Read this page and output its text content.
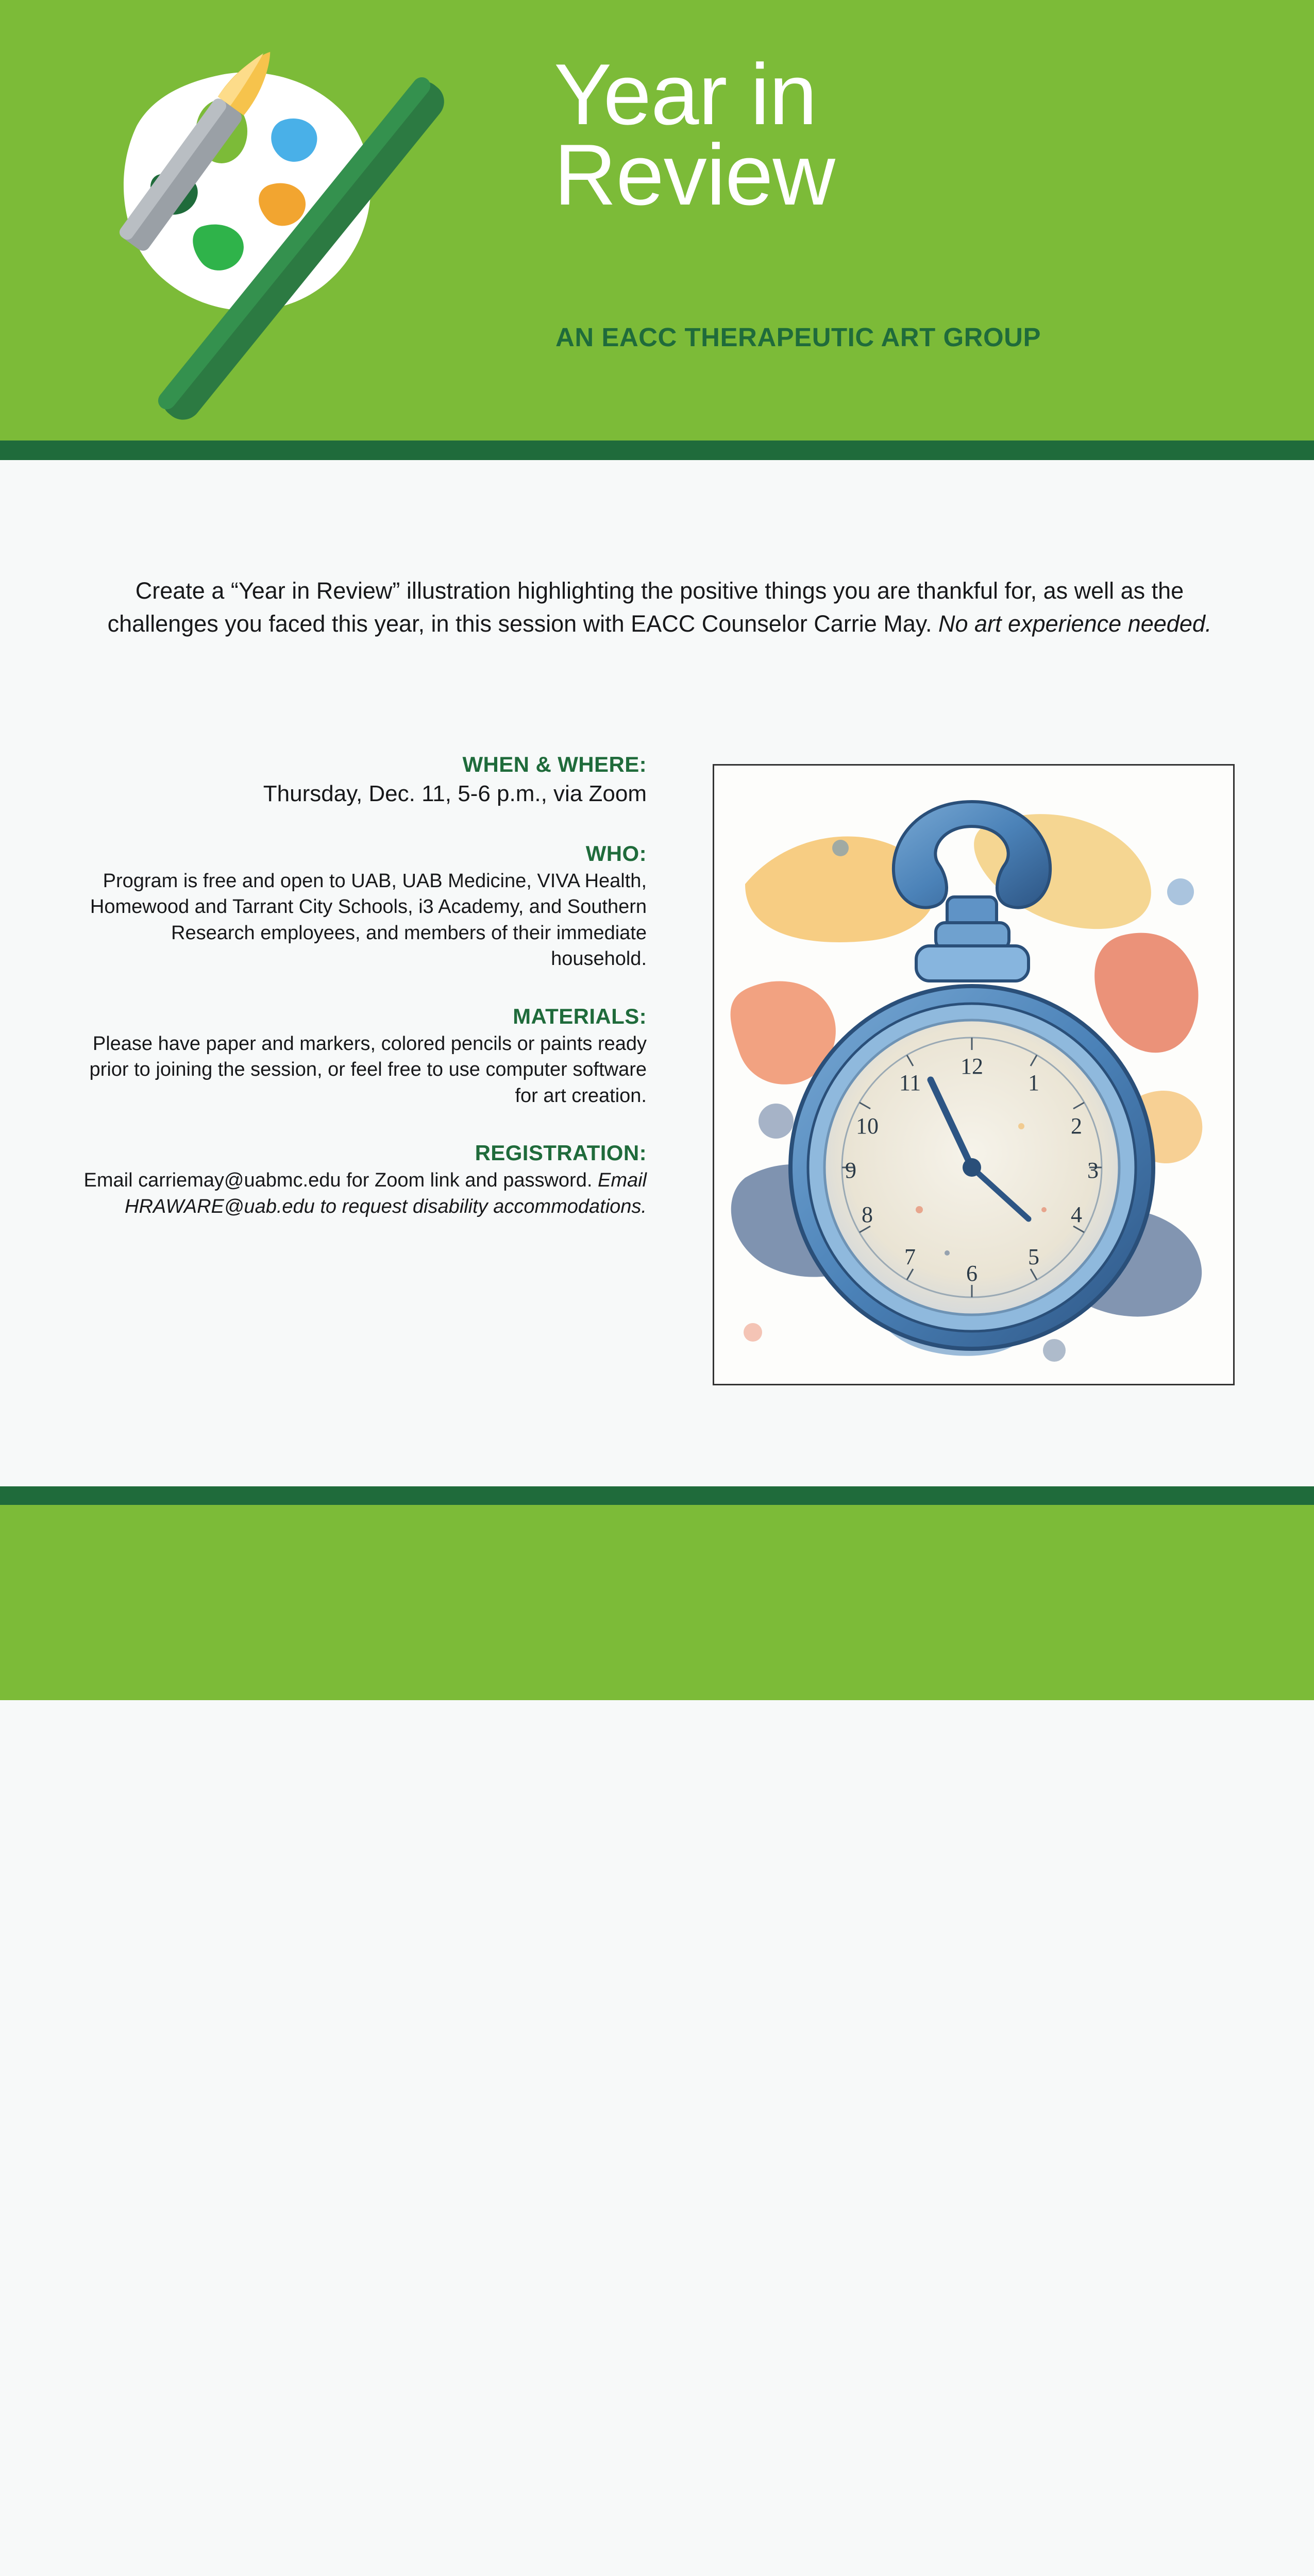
Year in
Review
AN EACC THERAPEUTIC ART GROUP
Create a “Year in Review” illustration highlighting the positive things you are thankful for, as well as the challenges you faced this year, in this session with EACC Counselor Carrie May. No art experience needed.
WHEN & WHERE:
Thursday, Dec. 11, 5-6 p.m., via Zoom
WHO:
Program is free and open to UAB, UAB Medicine, VIVA Health, Homewood and Tarrant City Schools, i3 Academy, and Southern Research employees, and members of their immediate household.
MATERIALS:
Please have paper and markers, colored pencils or paints ready prior to joining the session, or feel free to use computer software for art creation.
REGISTRATION:
Email carriemay@uabmc.edu for Zoom link and password. Email HRAWARE@uab.edu to request disability accommodations.
12
1
2
3
4
5
6
7
8
9
10
11
